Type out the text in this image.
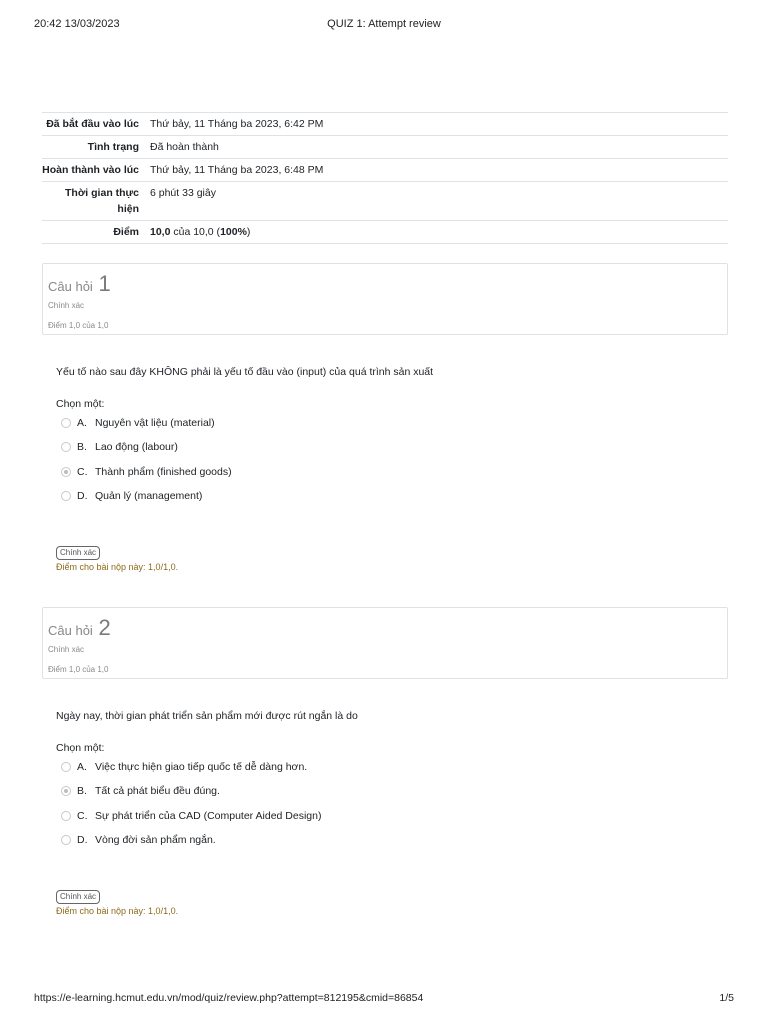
20:42 13/03/2023	QUIZ 1: Attempt review
Đã bắt đầu vào lúc	Thứ bảy, 11 Tháng ba 2023, 6:42 PM
Tình trạng	Đã hoàn thành
Hoàn thành vào lúc	Thứ bảy, 11 Tháng ba 2023, 6:48 PM
Thời gian thực hiện	6 phút 33 giây
Điểm	10,0 của 10,0 (100%)
Câu hỏi 1
Chính xác
Điểm 1,0 của 1,0
Yếu tố nào sau đây KHÔNG phải là yếu tố đầu vào (input) của quá trình sản xuất
Chọn một:
A. Nguyên vật liệu (material)
B. Lao động (labour)
C. Thành phẩm (finished goods)
D. Quản lý (management)
Chính xác
Điểm cho bài nộp này: 1,0/1,0.
Câu hỏi 2
Chính xác
Điểm 1,0 của 1,0
Ngày nay, thời gian phát triển sản phẩm mới được rút ngắn là do
Chọn một:
A. Việc thực hiện giao tiếp quốc tế dễ dàng hơn.
B. Tất cả phát biểu đều đúng.
C. Sự phát triển của CAD (Computer Aided Design)
D. Vòng đời sản phẩm ngắn.
Chính xác
Điểm cho bài nộp này: 1,0/1,0.
https://e-learning.hcmut.edu.vn/mod/quiz/review.php?attempt=812195&cmid=86854	1/5
